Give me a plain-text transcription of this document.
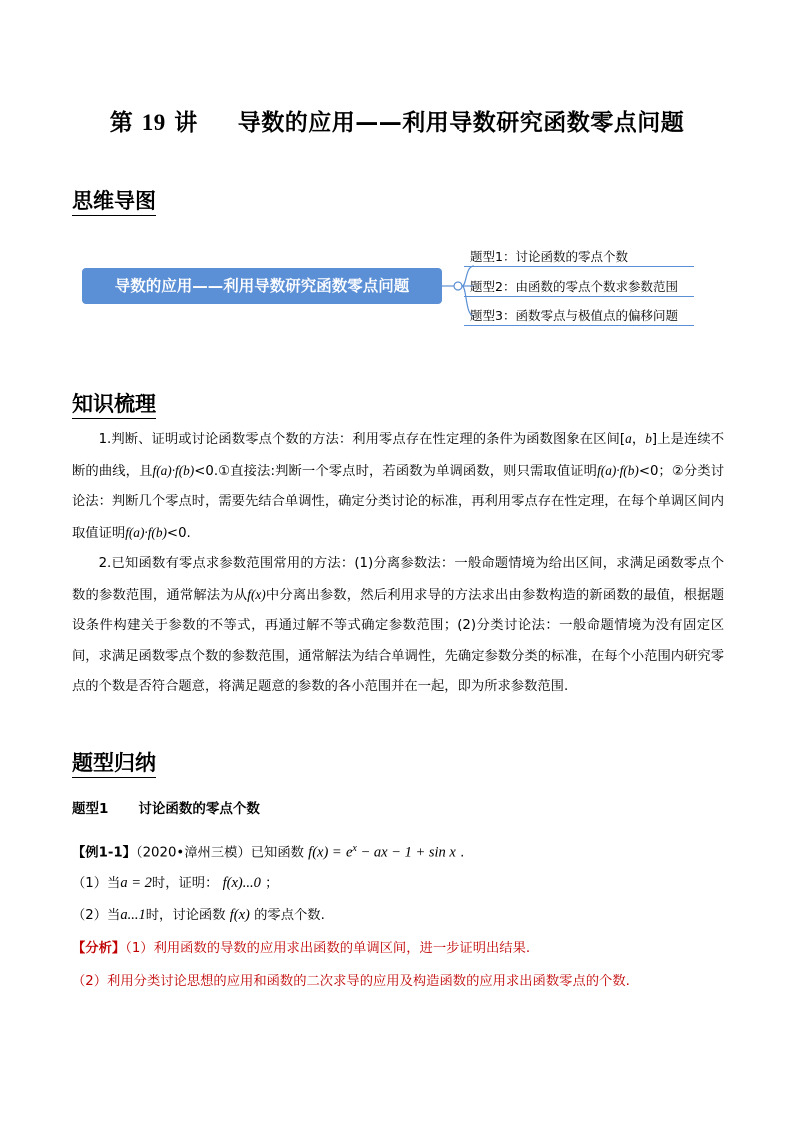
第 19 讲 导数的应用——利用导数研究函数零点问题
思维导图
导数的应用——利用导数研究函数零点问题
题型1：讨论函数的零点个数
题型2：由函数的零点个数求参数范围
题型3：函数零点与极值点的偏移问题
知识梳理

1.判断、证明或讨论函数零点个数的方法：利用零点存在性定理的条件为函数图象在区间[a，b]上是连续不断的曲线，且f(a)·f(b)<0.①直接法:判断一个零点时，若函数为单调函数，则只需取值证明f(a)·f(b)<0；②分类讨论法：判断几个零点时，需要先结合单调性，确定分类讨论的标准，再利用零点存在性定理，在每个单调区间内取值证明f(a)·f(b)<0.

2.已知函数有零点求参数范围常用的方法：(1)分离参数法：一般命题情境为给出区间，求满足函数零点个数的参数范围，通常解法为从f(x)中分离出参数，然后利用求导的方法求出由参数构造的新函数的最值，根据题设条件构建关于参数的不等式，再通过解不等式确定参数范围；(2)分类讨论法：一般命题情境为没有固定区间，求满足函数零点个数的参数范围，通常解法为结合单调性，先确定参数分类的标准，在每个小范围内研究零点的个数是否符合题意，将满足题意的参数的各小范围并在一起，即为所求参数范围.

题型归纳
题型1 讨论函数的零点个数
【例1-1】（2020•漳州三模）已知函数 $f(x) = e^x$ − ax − 1 + sin x .
（1）当a = 2时，证明： f(x)...0 ；
（2）当a...1时，讨论函数 f(x) 的零点个数.
【分析】（1）利用函数的导数的应用求出函数的单调区间，进一步证明出结果.
（2）利用分类讨论思想的应用和函数的二次求导的应用及构造函数的应用求出函数零点的个数.
